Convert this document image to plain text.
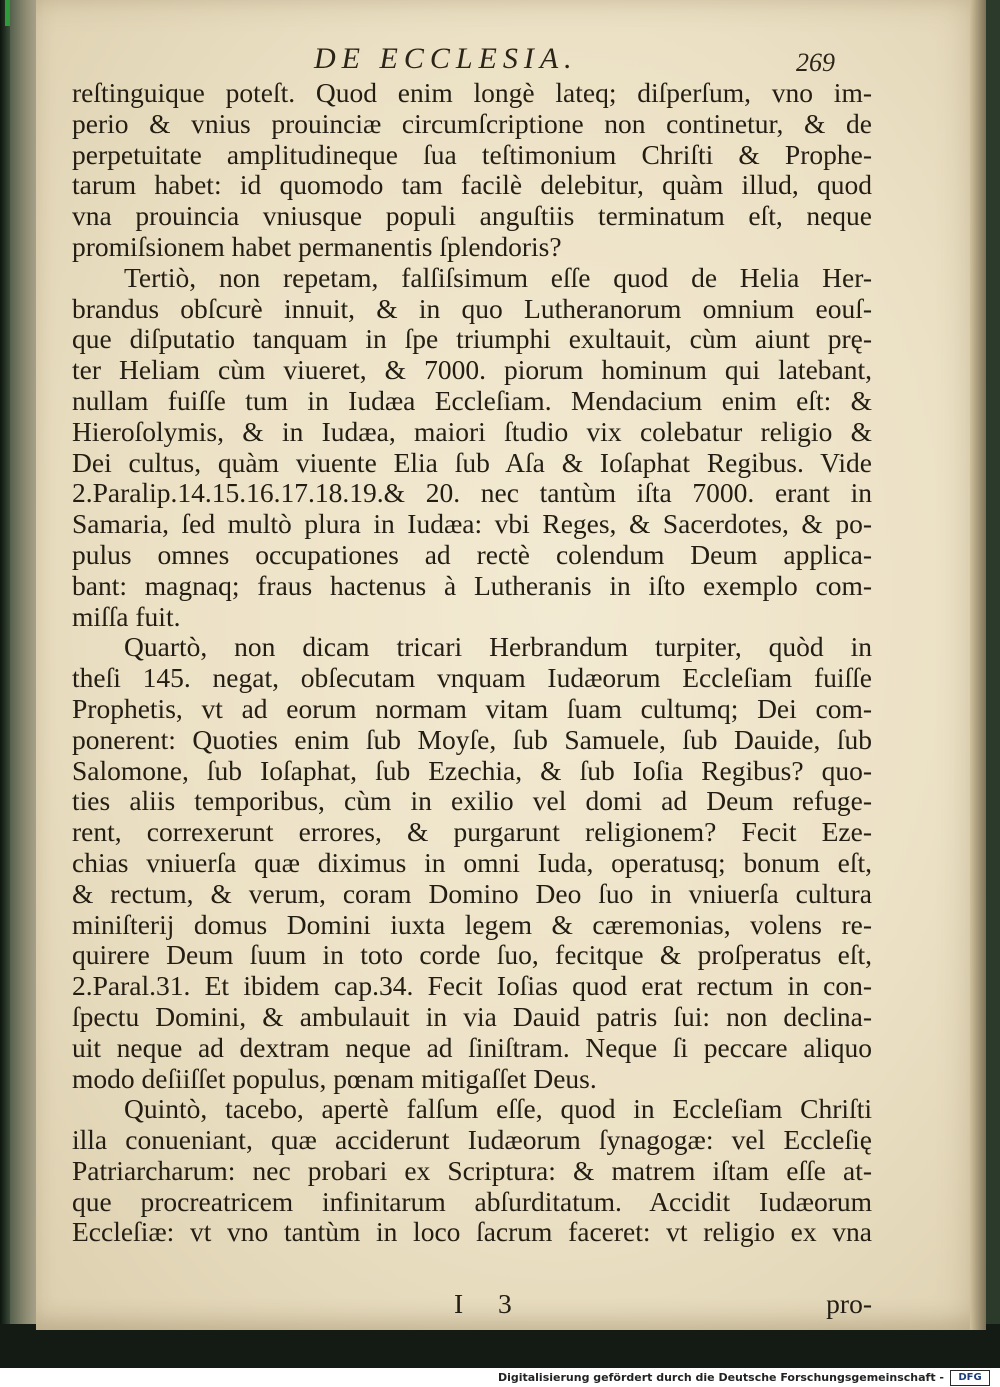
DE ECCLESIA.	269
reſtinguique poteſt. Quod enim longè lateq; diſperſum, vno im-
perio & vnius prouinciæ circumſcriptione non continetur, & de
perpetuitate amplitudineque ſua teſtimonium Chriſti & Prophe-
tarum habet: id quomodo tam facilè delebitur, quàm illud, quod
vna prouincia vniusque populi anguſtiis terminatum eſt, neque
promiſsionem habet permanentis ſplendoris?
Tertiò, non repetam, falſiſsimum eſſe quod de Helia Her-
brandus obſcurè innuit, & in quo Lutheranorum omnium eouſ-
que diſputatio tanquam in ſpe triumphi exultauit, cùm aiunt prę-
ter Heliam cùm viueret, & 7000. piorum hominum qui latebant,
nullam fuiſſe tum in Iudæa Eccleſiam. Mendacium enim eſt: &
Hieroſolymis, & in Iudæa, maiori ſtudio vix colebatur religio &
Dei cultus, quàm viuente Elia ſub Aſa & Ioſaphat Regibus. Vide
2.Paralip.14.15.16.17.18.19.& 20. nec tantùm iſta 7000. erant in
Samaria, ſed multò plura in Iudæa: vbi Reges, & Sacerdotes, & po-
pulus omnes occupationes ad rectè colendum Deum applica-
bant: magnaq; fraus hactenus à Lutheranis in iſto exemplo com-
miſſa fuit.
Quartò, non dicam tricari Herbrandum turpiter, quòd in
theſi 145. negat, obſecutam vnquam Iudæorum Eccleſiam fuiſſe
Prophetis, vt ad eorum normam vitam ſuam cultumq; Dei com-
ponerent: Quoties enim ſub Moyſe, ſub Samuele, ſub Dauide, ſub
Salomone, ſub Ioſaphat, ſub Ezechia, & ſub Ioſia Regibus? quo-
ties aliis temporibus, cùm in exilio vel domi ad Deum refuge-
rent, correxerunt errores, & purgarunt religionem? Fecit Eze-
chias vniuerſa quæ diximus in omni Iuda, operatusq; bonum eſt,
& rectum, & verum, coram Domino Deo ſuo in vniuerſa cultura
miniſterij domus Domini iuxta legem & cæremonias, volens re-
quirere Deum ſuum in toto corde ſuo, fecitque & proſperatus eſt,
2.Paral.31. Et ibidem cap.34. Fecit Ioſias quod erat rectum in con-
ſpectu Domini, & ambulauit in via Dauid patris ſui: non declina-
uit neque ad dextram neque ad ſiniſtram. Neque ſi peccare aliquo
modo deſiiſſet populus, pœnam mitigaſſet Deus.
Quintò, tacebo, apertè falſum eſſe, quod in Eccleſiam Chriſti
illa conueniant, quæ acciderunt Iudæorum ſynagogæ: vel Eccleſię
Patriarcharum: nec probari ex Scriptura: & matrem iſtam eſſe at-
que procreatricem infinitarum abſurditatum. Accidit Iudæorum
Eccleſiæ: vt vno tantùm in loco ſacrum faceret: vt religio ex vna
I 3	pro-
Digitalisierung gefördert durch die Deutsche Forschungsgemeinschaft -	DFG
